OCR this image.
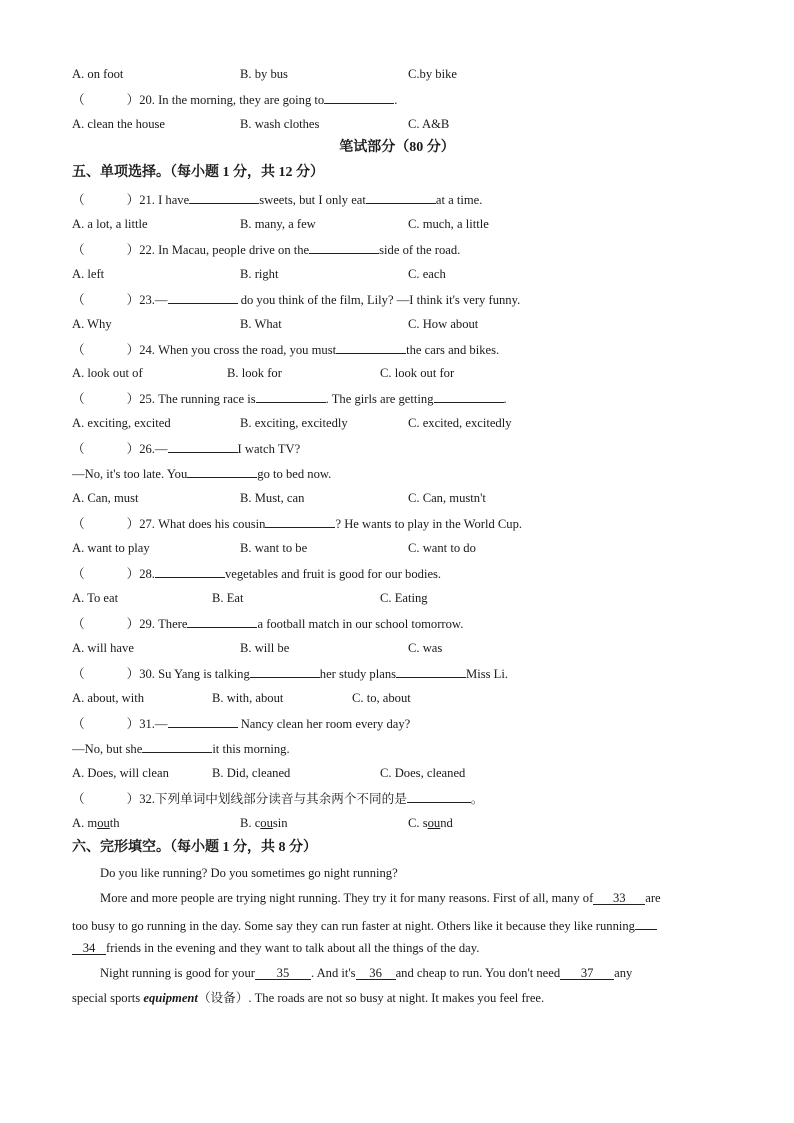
A. on foot	B. by bus	C.by bike
（	）20. In the morning, they are going to	.
A. clean the house	B. wash clothes	C. A&B
笔试部分（80 分）
五、单项选择。（每小题 1 分，共 12 分）
（	）21. I have	sweets, but I only eat	at a time.
A. a lot, a little	B. many, a few	C. much, a little
（	）22. In Macau, people drive on the	side of the road.
A. left	B. right	C. each
（	）23.—	do you think of the film, Lily? —I think it's very funny.
A. Why	B. What	C. How about
（	）24. When you cross the road, you must	the cars and bikes.
A. look out of	B. look for	C. look out for
（	）25. The running race is	. The girls are getting	.
A. exciting, excited	B. exciting, excitedly	C. excited, excitedly
（	）26.—	I watch TV?
—No, it's too late. You	go to bed now.
A. Can, must	B. Must, can	C. Can, mustn't
（	）27. What does his cousin	? He wants to play in the World Cup.
A. want to play	B. want to be	C. want to do
（	）28.	vegetables and fruit is good for our bodies.
A. To eat	B. Eat	C. Eating
（	）29. There	a football match in our school tomorrow.
A. will have	B. will be	C. was
（	）30. Su Yang is talking	her study plans	Miss Li.
A. about, with	B. with, about	C. to, about
（	）31.—	Nancy clean her room every day?
—No, but she	it this morning.
A. Does, will clean	B. Did, cleaned	C. Does, cleaned
（	）32.下列单词中划线部分读音与其余两个不同的是	。
A. mouth	B. cousin	C. sound
六、完形填空。（每小题 1 分，共 8 分）
Do you like running? Do you sometimes go night running?
More and more people are trying night running. They try it for many reasons. First of all, many of 33 are
too busy to go running in the day. Some say they can run faster at night. Others like it because they like running
34 friends in the evening and they want to talk about all the things of the day.
Night running is good for your 35 . And it's 36 and cheap to run. You don't need 37 any
special sports equipment（设备）. The roads are not so busy at night. It makes you feel free.
